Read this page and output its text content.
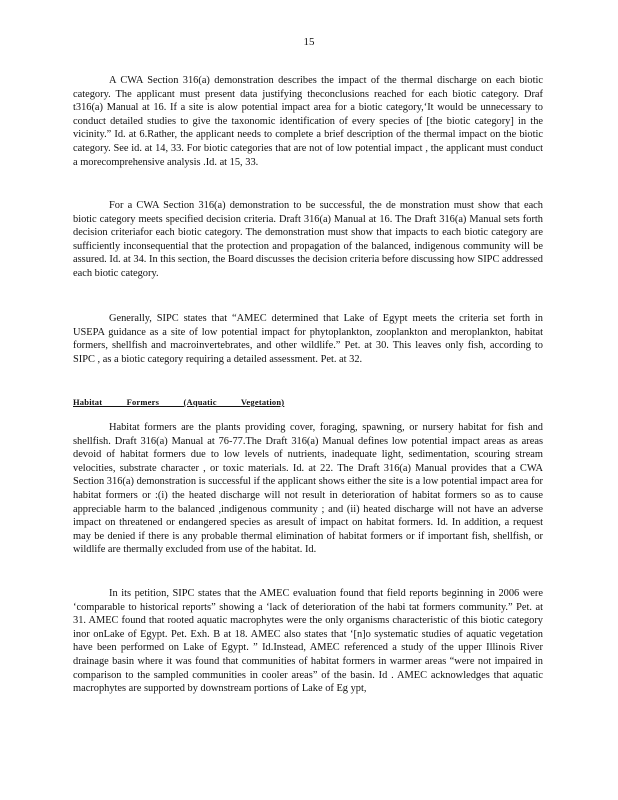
15

A CWA Section 316(a) demonstration describes the impact of the thermal discharge on each biotic category. The applicant must present data justifying theconclusions reached for each biotic category. Draf t316(a) Manual at 16. If a site is alow potential impact area for a biotic category,‘It would be unnecessary to conduct detailed studies to give the taxonomic identification of every species of [the biotic category] in the vicinity.” Id. at 6.Rather, the applicant needs to complete a brief description of the thermal impact on the biotic category. See id. at 14, 33. For biotic categories that are not of low potential impact , the applicant must conduct a morecomprehensive analysis .Id. at 15, 33.

For a CWA Section 316(a) demonstration to be successful, the de monstration must show that each biotic category meets specified decision criteria. Draft 316(a) Manual at 16. The Draft 316(a) Manual sets forth decision criteriafor each biotic category. The demonstration must show that impacts to each biotic category are sufficiently inconsequential that the protection and propagation of the balanced, indigenous community will be assured. Id. at 34. In this section, the Board discusses the decision criteria before discussing how SIPC addressed each biotic category.

Generally, SIPC states that “AMEC determined that Lake of Egypt meets the criteria set forth in USEPA guidance as a site of low potential impact for phytoplankton, zooplankton and meroplankton, habitat formers, shellfish and macroinvertebrates, and other wildlife.” Pet. at 30. This leaves only fish, according to SIPC , as a biotic category requiring a detailed assessment. Pet. at 32.

Habitat Formers (Aquatic Vegetation)

Habitat formers are the plants providing cover, foraging, spawning, or nursery habitat for fish and shellfish. Draft 316(a) Manual at 76-77.The Draft 316(a) Manual defines low potential impact areas as areas devoid of habitat formers due to low levels of nutrients, inadequate light, sedimentation, scouring stream velocities, substrate character , or toxic materials. Id. at 22. The Draft 316(a) Manual provides that a CWA Section 316(a) demonstration is successful if the applicant shows either the site is a low potential impact area for habitat formers or :(i) the heated discharge will not result in deterioration of habitat formers so as to cause appreciable harm to the balanced ,indigenous community ; and (ii) heated discharge will not have an adverse impact on threatened or endangered species as aresult of impact on habitat formers. Id. In addition, a request may be denied if there is any probable thermal elimination of habitat formers or if important fish, shellfish, or wildlife are thermally excluded from use of the habitat. Id.

In its petition, SIPC states that the AMEC evaluation found that field reports beginning in 2006 were ‘comparable to historical reports” showing a ‘lack of deterioration of the habi tat formers community.” Pet. at 31. AMEC found that rooted aquatic macrophytes were the only organisms characteristic of this biotic category inor onLake of Egypt. Pet. Exh. B at 18. AMEC also states that ‘[n]o systematic studies of aquatic vegetation have been performed on Lake of Egypt. ” Id.Instead, AMEC referenced a study of the upper Illinois River drainage basin where it was found that communities of habitat formers in warmer areas “were not impaired in comparison to the sampled communities in cooler areas” of the basin. Id . AMEC acknowledges that aquatic macrophytes are supported by downstream portions of Lake of Eg ypt,
